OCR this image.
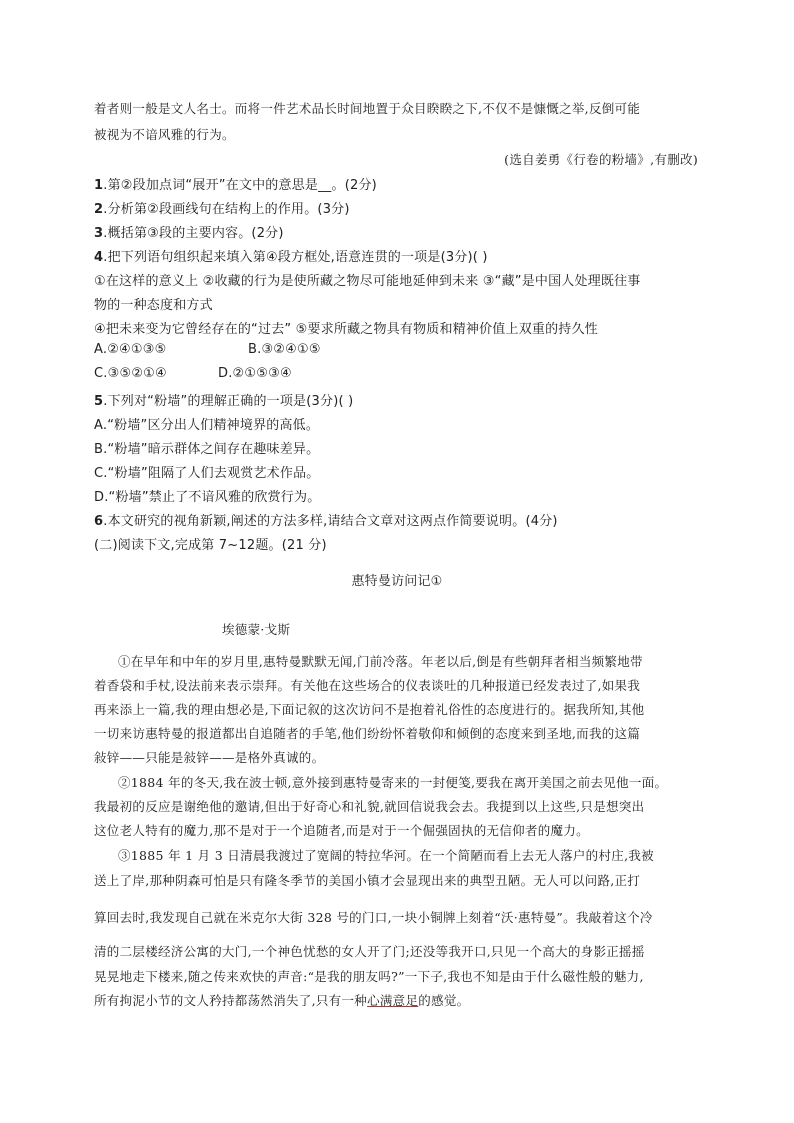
着者则一般是文人名士。而将一件艺术品长时间地置于众目睽睽之下,不仅不是慷慨之举,反倒可能
被视为不谙风雅的行为。
(选自姜勇《行卷的粉墙》,有删改)
1.第②段加点词“展开”在文中的意思是__。(2分)
2.分析第②段画线句在结构上的作用。(3分)
3.概括第③段的主要内容。(2分)
4.把下列语句组织起来填入第④段方框处,语意连贯的一项是(3分)( )
①在这样的意义上 ②收藏的行为是使所藏之物尽可能地延伸到未来 ③“藏”是中国人处理既往事
物的一种态度和方式
④把未来变为它曾经存在的“过去” ⑤要求所藏之物具有物质和精神价值上双重的持久性
A.②④①③⑤	B.③②④①⑤
C.③⑤②①④	D.②①⑤③④
5.下列对“粉墙”的理解正确的一项是(3分)( )
A.“粉墙”区分出人们精神境界的高低。
B.“粉墙”暗示群体之间存在趣味差异。
C.“粉墙”阻隔了人们去观赏艺术作品。
D.“粉墙”禁止了不谙风雅的欣赏行为。
6.本文研究的视角新颖,阐述的方法多样,请结合文章对这两点作简要说明。(4分)
(二)阅读下文,完成第 7~12题。(21 分)
惠特曼访问记①
埃德蒙·戈斯
①在早年和中年的岁月里,惠特曼默默无闻,门前冷落。年老以后,倒是有些朝拜者相当频繁地带
着香袋和手杖,设法前来表示崇拜。有关他在这些场合的仪表谈吐的几种报道已经发表过了,如果我
再来添上一篇,我的理由想必是,下面记叙的这次访问不是抱着礼俗性的态度进行的。据我所知,其他
一切来访惠特曼的报道都出自追随者的手笔,他们纷纷怀着敬仰和倾倒的态度来到圣地,而我的这篇
敍锌——只能是敍锌——是格外真诚的。
②1884 年的冬天,我在波士顿,意外接到惠特曼寄来的一封便笺,要我在离开美国之前去见他一面。
我最初的反应是谢绝他的邀请,但出于好奇心和礼貌,就回信说我会去。我提到以上这些,只是想突出
这位老人特有的魔力,那不是对于一个追随者,而是对于一个倔强固执的无信仰者的魔力。
③1885 年 1 月 3 日清晨我渡过了宽阔的特拉华河。在一个简陋而看上去无人落户的村庄,我被
送上了岸,那种阴森可怕是只有隆冬季节的美国小镇才会显现出来的典型丑陋。无人可以问路,正打
算回去时,我发现自己就在米克尔大街 328 号的门口,一块小铜牌上刻着“沃·惠特曼”。我敲着这个冷
清的二层楼经济公寓的大门,一个神色忧愁的女人开了门;还没等我开口,只见一个高大的身影正摇摇
晃晃地走下楼来,随之传来欢快的声音:“是我的朋友吗?”一下子,我也不知是由于什么磁性般的魅力,
所有拘泥小节的文人矜持都荡然消失了,只有一种心满意足的感觉。
